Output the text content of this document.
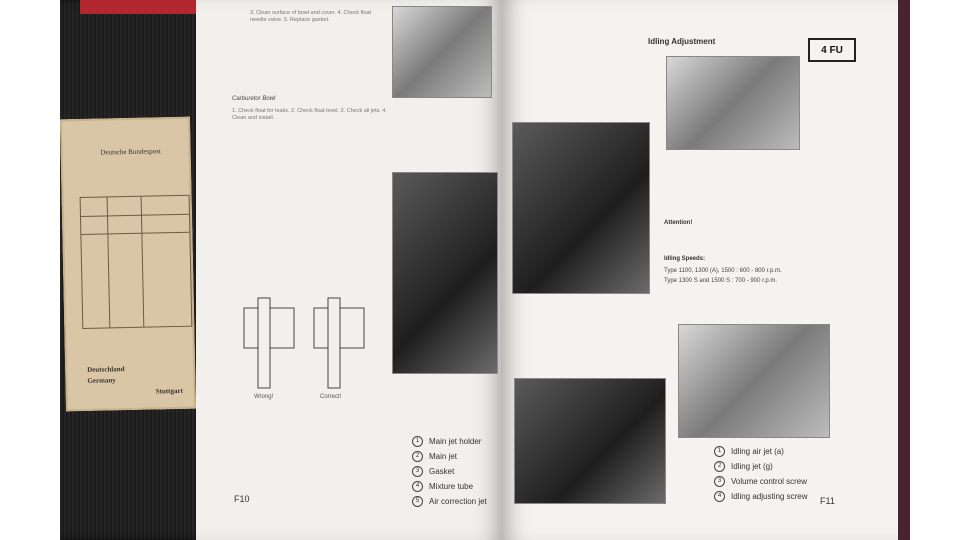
Deutsche Bundespost
Deutschland
Germany
Stuttgart
3. Clean surface of bowl and cover. 4. Check float needle valve. 5. Replace gasket.
Carburetor Bowl
1. Check float for leaks. 2. Check float level. 3. Check all jets. 4. Clean and install.
Wrong!	Correct!
1 Main jet holder
2 Main jet
3 Gasket
4 Mixture tube
5 Air correction jet
F10
Idling Adjustment
Attention!
Idling Speeds:
Type 1100, 1300 (A), 1500 : 600 - 800 r.p.m.
Type 1300 S and 1500 S : 700 - 900 r.p.m.
1 Idling air jet (a)
2 Idling jet (g)
3 Volume control screw
4 Idling adjusting screw F11
4 FU
